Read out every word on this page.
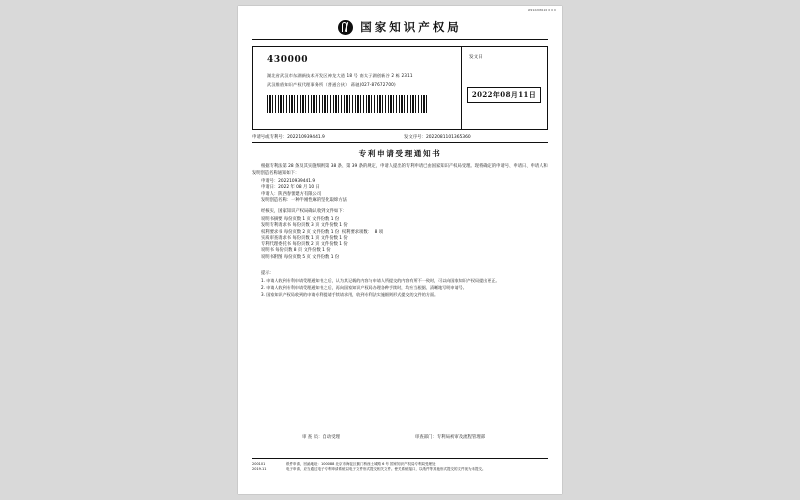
W212208110 0 0 0
国家知识产权局
430000
湖北省武汉市东湖新技术开发区神龙大道 18 号 南太子湖创新谷 2 栋 2311
武汉维盾知识产权代理事务所（普通合伙） 蒋驰(027-87672700)
发文日
2022年08月11日
申请号或专利号：202210939441.9	发文序号：2022081101365360
专利申请受理通知书

根据专利法第 28 条及其实施细则第 38 条、第 39 条的规定，申请人提出的专利申请已由国家知识产权局受理。现将确定的申请号、申请日、申请人和发明创造名称通知如下：

申请号：202210939441.9

申请日：2022 年 08 月 10 日

申请人：陕西春蕾建方有限公司

发明创造名称：一种半刚性麻的坚化取缔方法

经核实，国家知识产权局确认收到文件如下：

说明书摘要 每份页数 1 页 文件份数 1 份

发明专利请求书 每份页数 3 页 文件份数 1 份

权利要求书 每份页数 2 页 文件份数 1 份  权利要求项数：  8 项

实质审查请求书 每份页数 1 页 文件份数 1 份

专利代理委托书 每份页数 2 页 文件份数 1 份

说明书 每份页数 8 页 文件份数 1 份

说明书附图 每份页数 5 页 文件份数 1 份

提示：

1. 申请人收到专利申请受理通知书之后，认为其记载的内容与申请人所提交的内容有所不一致时，可以向国家知识产权局提出更正。

2. 申请人收到专利申请受理通知书之后，再向国家知识产权局办理各种手续时，均应当根据、清晰地写明申请号。

3. 国家知识产权局收到的申请专利提请手续请求用，收到专利法实施细则形式提交的文件的方面。

审 查 员：自动受理	审查部门：专利局初审及流程管理部
200101
2019.11
纸件申请，回函地址：100088 北京市海淀区蓟门桥西土城路 6 号 国家知识产权局专利局受理处
电子申请，应当通过电子专利申请系统以电子文件形式提交相关文件。使关系统接口，以纸件等其他形式提交的文件视为未提交。
